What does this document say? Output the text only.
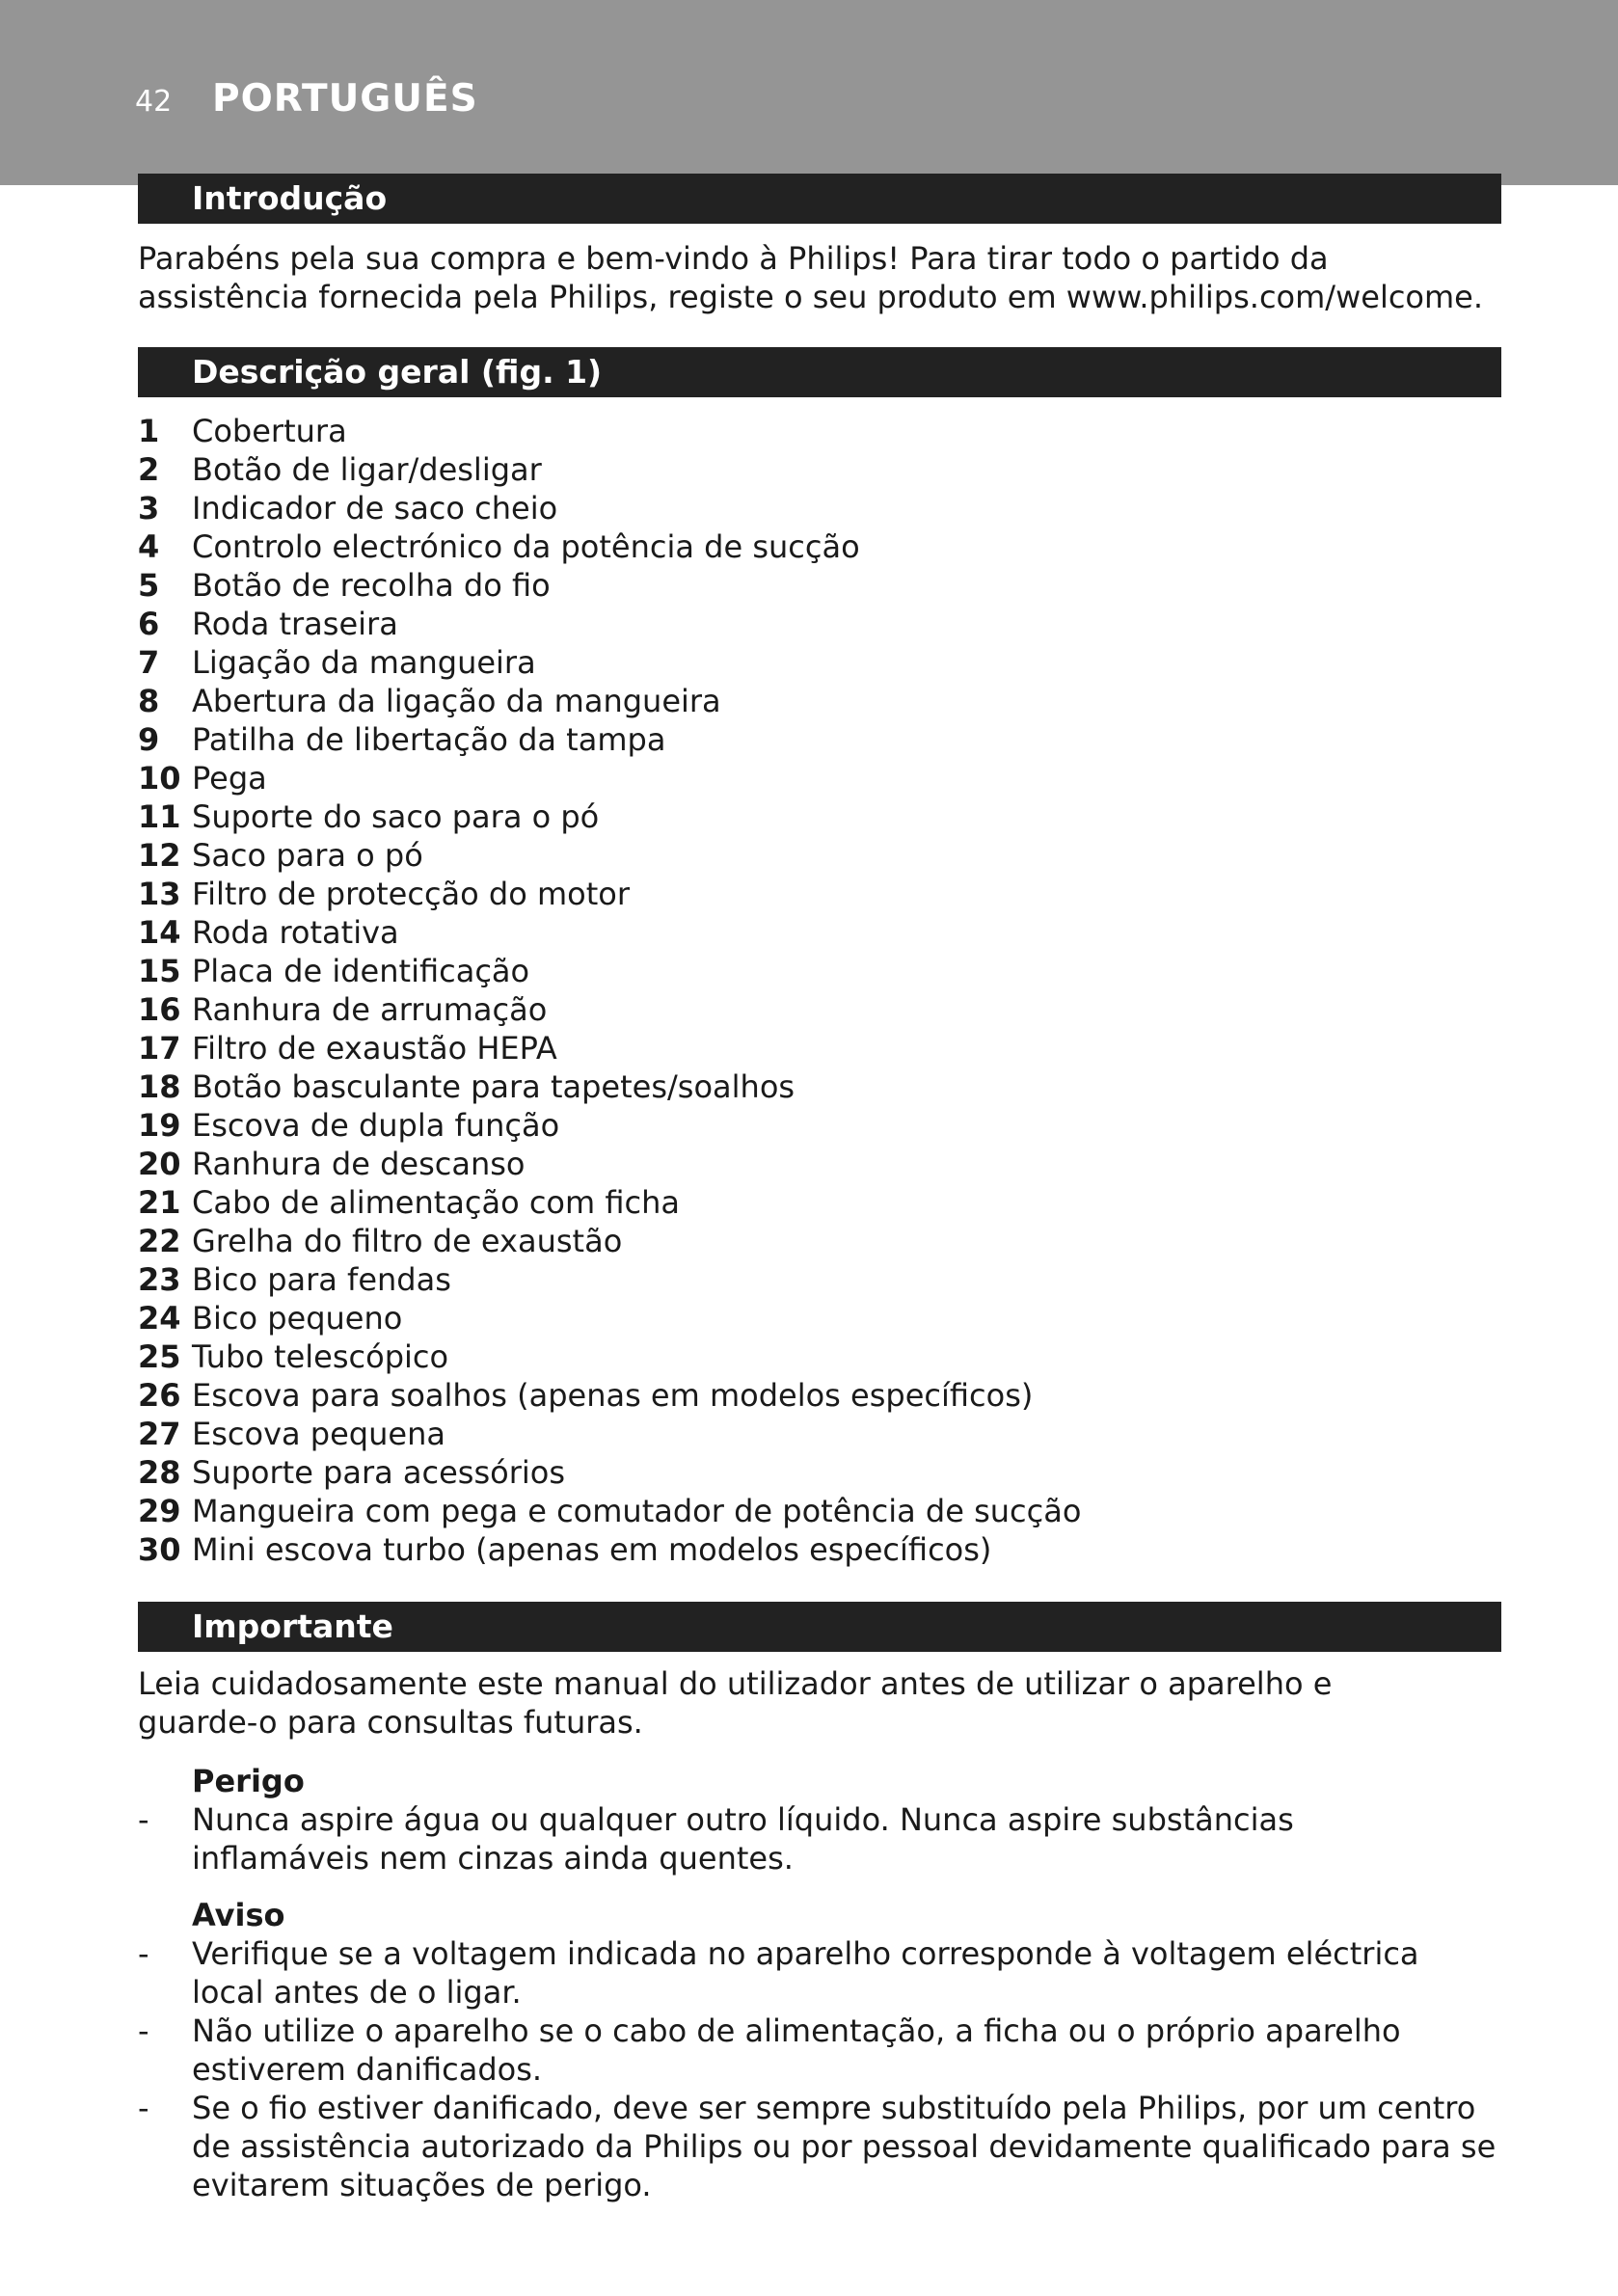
42 PORTUGUÊS
Introdução
Parabéns pela sua compra e bem-vindo à Philips! Para tirar todo o partido da assistência fornecida pela Philips, registe o seu produto em www.philips.com/welcome.
Descrição geral (fig. 1)
1 Cobertura
2 Botão de ligar/desligar
3 Indicador de saco cheio
4 Controlo electrónico da potência de sucção
5 Botão de recolha do fio
6 Roda traseira
7 Ligação da mangueira
8 Abertura da ligação da mangueira
9 Patilha de libertação da tampa
10 Pega
11 Suporte do saco para o pó
12 Saco para o pó
13 Filtro de protecção do motor
14 Roda rotativa
15 Placa de identificação
16 Ranhura de arrumação
17 Filtro de exaustão HEPA
18 Botão basculante para tapetes/soalhos
19 Escova de dupla função
20 Ranhura de descanso
21 Cabo de alimentação com ficha
22 Grelha do filtro de exaustão
23 Bico para fendas
24 Bico pequeno
25 Tubo telescópico
26 Escova para soalhos (apenas em modelos específicos)
27 Escova pequena
28 Suporte para acessórios
29 Mangueira com pega e comutador de potência de sucção
30 Mini escova turbo (apenas em modelos específicos)
Importante
Leia cuidadosamente este manual do utilizador antes de utilizar o aparelho e guarde-o para consultas futuras.
Perigo
-	Nunca aspire água ou qualquer outro líquido. Nunca aspire substâncias inflamáveis nem cinzas ainda quentes.
Aviso
-	Verifique se a voltagem indicada no aparelho corresponde à voltagem eléctrica local antes de o ligar.
-	Não utilize o aparelho se o cabo de alimentação, a ficha ou o próprio aparelho estiverem danificados.
-	Se o fio estiver danificado, deve ser sempre substituído pela Philips, por um centro de assistência autorizado da Philips ou por pessoal devidamente qualificado para se evitarem situações de perigo.
